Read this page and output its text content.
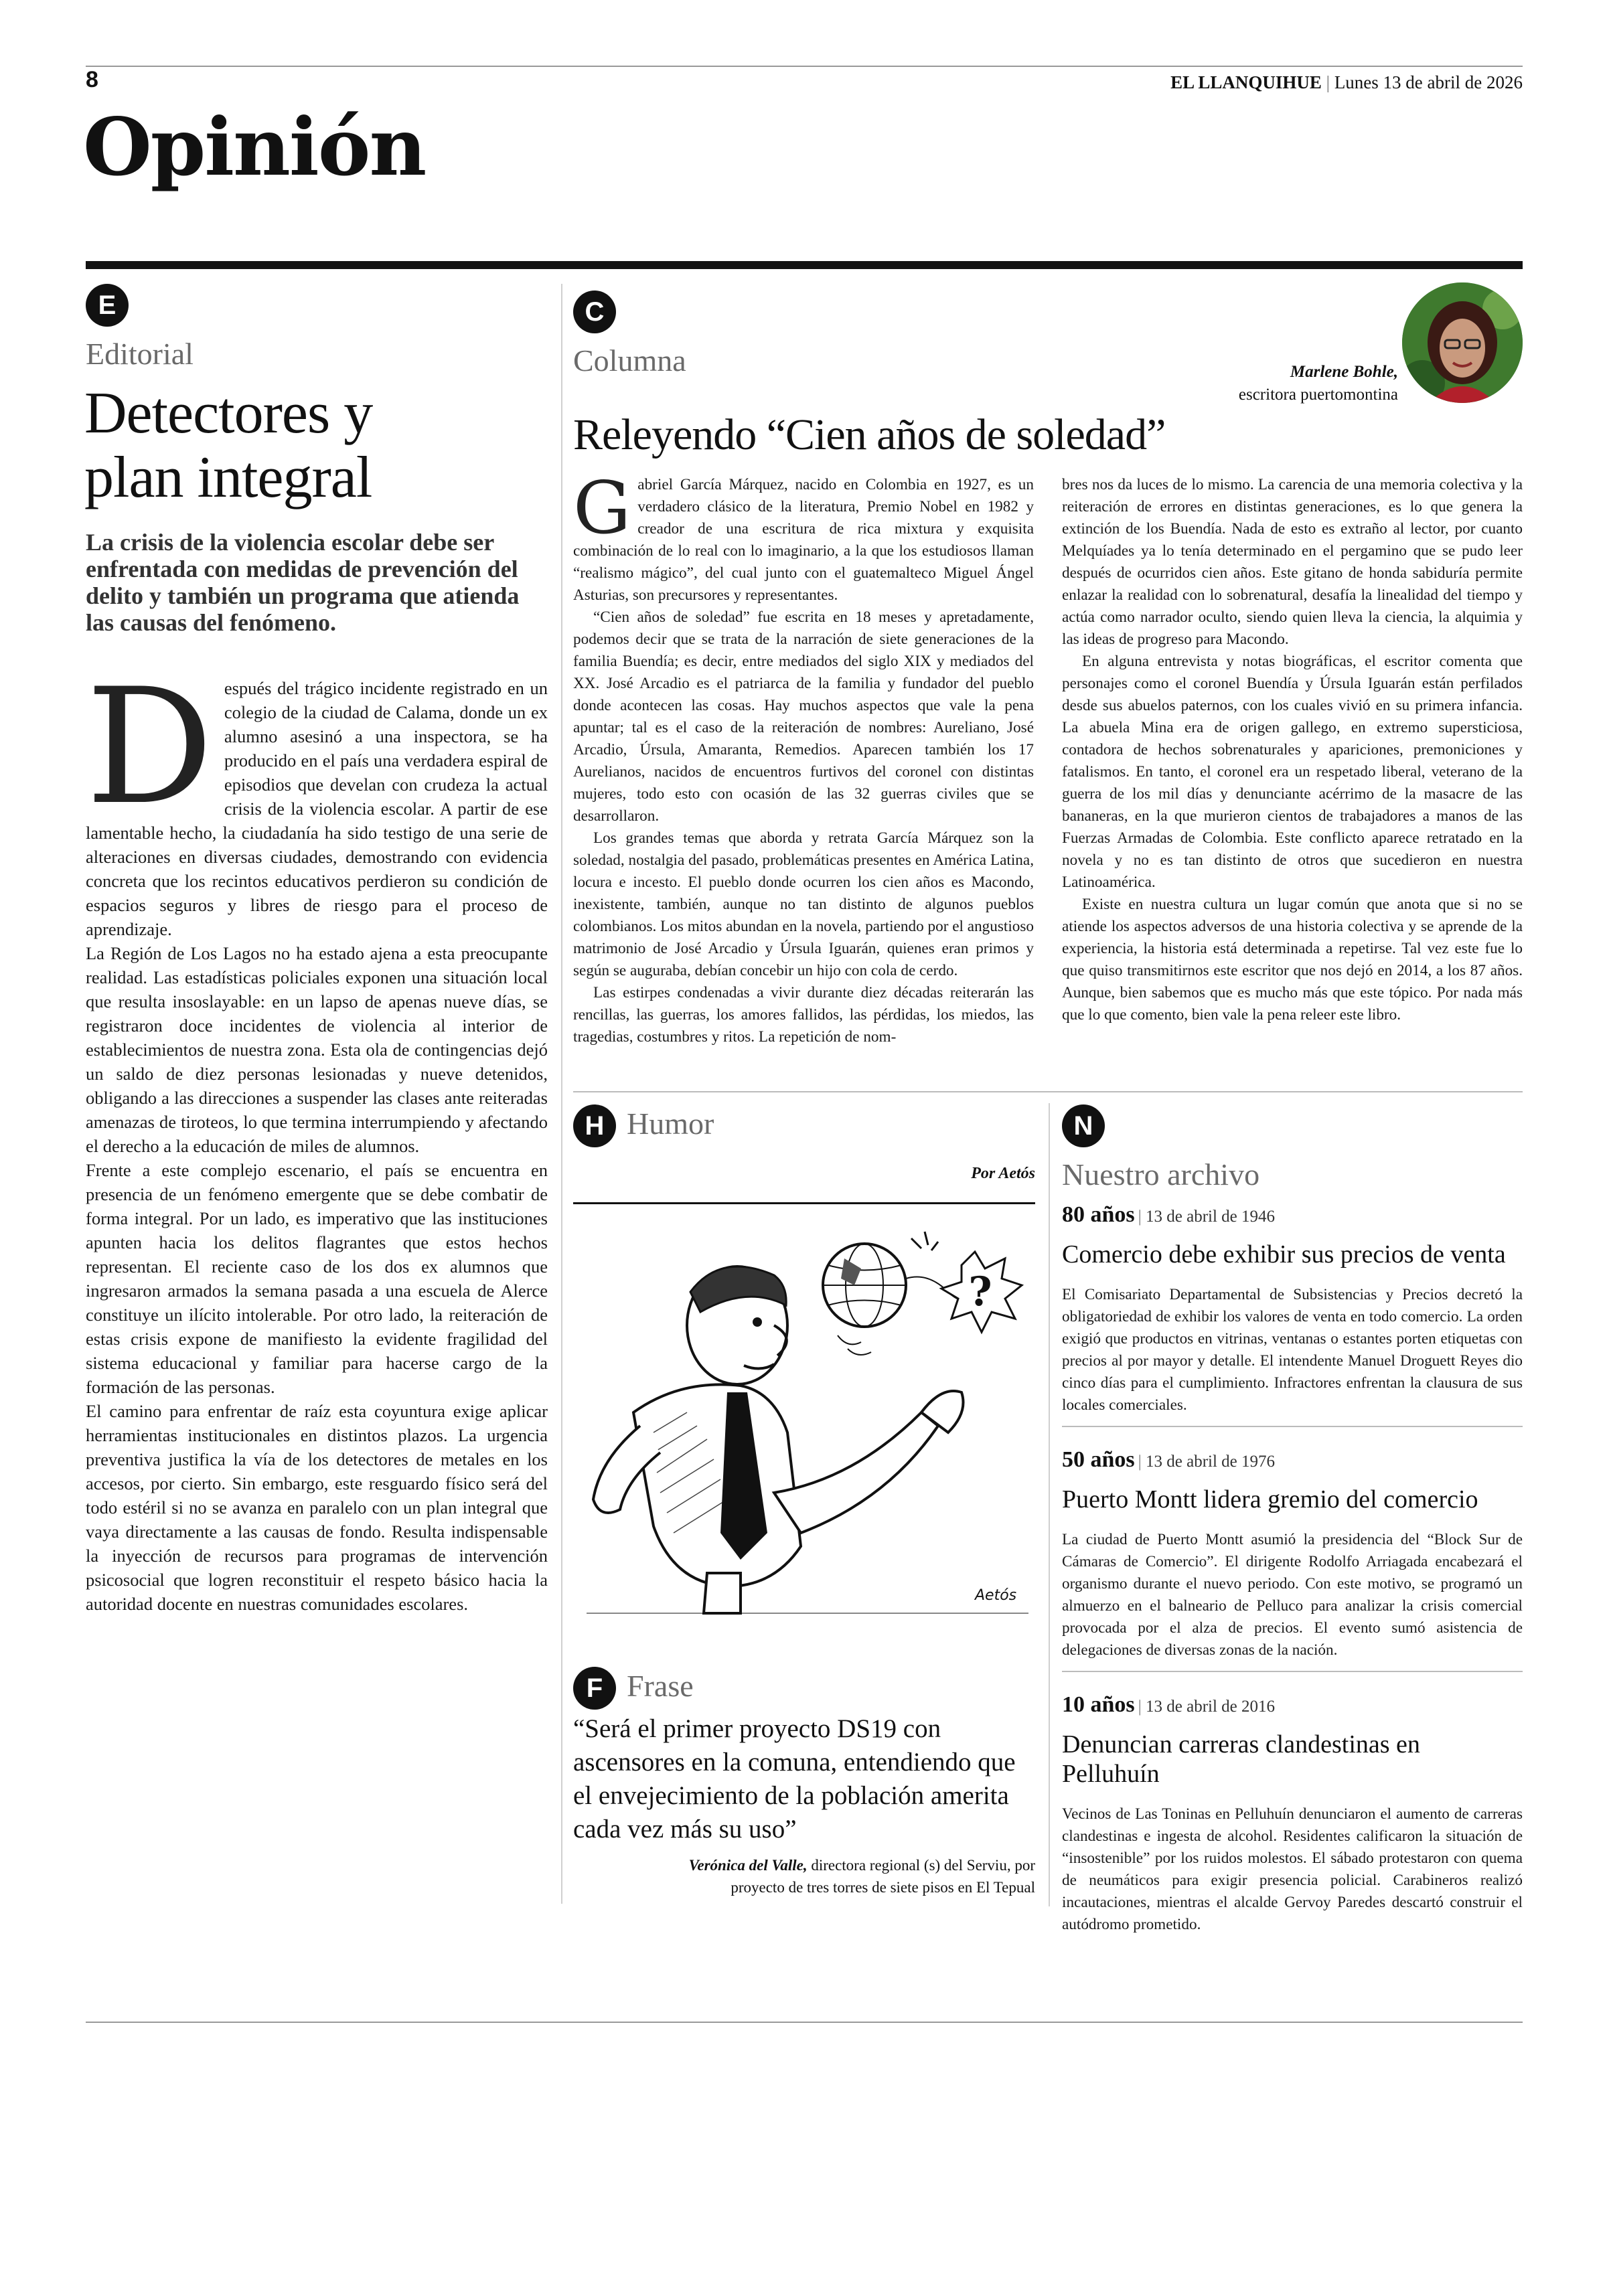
8	EL LLANQUIHUE | Lunes 13 de abril de 2026
Opinión
E
Editorial
Detectores y
plan integral
La crisis de la violencia escolar debe ser enfrentada con medidas de prevención del delito y también un programa que atienda las causas del fenómeno.

Después del trágico incidente registrado en un colegio de la ciudad de Calama, donde un ex alumno asesinó a una inspectora, se ha producido en el país una verdadera espiral de episodios que develan con crudeza la actual crisis de la violencia escolar. A partir de ese lamentable hecho, la ciudadanía ha sido testigo de una serie de alteraciones en diversas ciudades, demostrando con evidencia concreta que los recintos educativos perdieron su condición de espacios seguros y libres de riesgo para el proceso de aprendizaje.

La Región de Los Lagos no ha estado ajena a esta preocupante realidad. Las estadísticas policiales exponen una situación local que resulta insoslayable: en un lapso de apenas nueve días, se registraron doce incidentes de violencia al interior de establecimientos de nuestra zona. Esta ola de contingencias dejó un saldo de diez personas lesionadas y nueve detenidos, obligando a las direcciones a suspender las clases ante reiteradas amenazas de tiroteos, lo que termina interrumpiendo y afectando el derecho a la educación de miles de alumnos.

Frente a este complejo escenario, el país se encuentra en presencia de un fenómeno emergente que se debe combatir de forma integral. Por un lado, es imperativo que las instituciones apunten hacia los delitos flagrantes que estos hechos representan. El reciente caso de los dos ex alumnos que ingresaron armados la semana pasada a una escuela de Alerce constituye un ilícito intolerable. Por otro lado, la reiteración de estas crisis expone de manifiesto la evidente fragilidad del sistema educacional y familiar para hacerse cargo de la formación de las personas.

El camino para enfrentar de raíz esta coyuntura exige aplicar herramientas institucionales en distintos plazos. La urgencia preventiva justifica la vía de los detectores de metales en los accesos, por cierto. Sin embargo, este resguardo físico será del todo estéril si no se avanza en paralelo con un plan integral que vaya directamente a las causas de fondo. Resulta indispensable la inyección de recursos para programas de intervención psicosocial que logren reconstituir el respeto básico hacia la autoridad docente en nuestras comunidades escolares.

C
Columna	Marlene Bohle,
escritora puertomontina
Releyendo “Cien años de soledad”

Gabriel García Márquez, nacido en Colombia en 1927, es un verdadero clásico de la literatura, Premio Nobel en 1982 y creador de una escritura de rica mixtura y exquisita combinación de lo real con lo imaginario, a la que los estudiosos llaman “realismo mágico”, del cual junto con el guatemalteco Miguel Ángel Asturias, son precursores y representantes.

“Cien años de soledad” fue escrita en 18 meses y apretadamente, podemos decir que se trata de la narración de siete generaciones de la familia Buendía; es decir, entre mediados del siglo XIX y mediados del XX. José Arcadio es el patriarca de la familia y fundador del pueblo donde acontecen las cosas. Hay muchos aspectos que vale la pena apuntar; tal es el caso de la reiteración de nombres: Aureliano, José Arcadio, Úrsula, Amaranta, Remedios. Aparecen también los 17 Aurelianos, nacidos de encuentros furtivos del coronel con distintas mujeres, todo esto con ocasión de las 32 guerras civiles que se desarrollaron.

Los grandes temas que aborda y retrata García Márquez son la soledad, nostalgia del pasado, problemáticas presentes en América Latina, locura e incesto. El pueblo donde ocurren los cien años es Macondo, inexistente, también, aunque no tan distinto de algunos pueblos colombianos. Los mitos abundan en la novela, partiendo por el angustioso matrimonio de José Arcadio y Úrsula Iguarán, quienes eran primos y según se auguraba, debían concebir un hijo con cola de cerdo.

Las estirpes condenadas a vivir durante diez décadas reiterarán las rencillas, las guerras, los amores fallidos, las pérdidas, los miedos, las tragedias, costumbres y ritos. La repetición de nom-

bres nos da luces de lo mismo. La carencia de una memoria colectiva y la reiteración de errores en distintas generaciones, es lo que genera la extinción de los Buendía. Nada de esto es extraño al lector, por cuanto Melquíades ya lo tenía determinado en el pergamino que se pudo leer después de ocurridos cien años. Este gitano de honda sabiduría permite enlazar la realidad con lo sobrenatural, desafía la linealidad del tiempo y actúa como narrador oculto, siendo quien lleva la ciencia, la alquimia y las ideas de progreso para Macondo.

En alguna entrevista y notas biográficas, el escritor comenta que personajes como el coronel Buendía y Úrsula Iguarán están perfilados desde sus abuelos paternos, con los cuales vivió en su primera infancia. La abuela Mina era de origen gallego, en extremo supersticiosa, contadora de hechos sobrenaturales y apariciones, premoniciones y fatalismos. En tanto, el coronel era un respetado liberal, veterano de la guerra de los mil días y denunciante acérrimo de la masacre de las bananeras, en la que murieron cientos de trabajadores a manos de las Fuerzas Armadas de Colombia. Este conflicto aparece retratado en la novela y no es tan distinto de otros que sucedieron en nuestra Latinoamérica.

Existe en nuestra cultura un lugar común que anota que si no se atiende los aspectos adversos de una historia colectiva y se aprende de la experiencia, la historia está determinada a repetirse. Tal vez este fue lo que quiso transmitirnos este escritor que nos dejó en 2014, a los 87 años. Aunque, bien sabemos que es mucho más que este tópico. Por nada más que lo que comento, bien vale la pena releer este libro.

H Humor
Por Aetós
?
Aetós
F Frase
“Será el primer proyecto DS19 con ascensores en la comuna, entendiendo que el envejecimiento de la población amerita cada vez más su uso”
Verónica del Valle, directora regional (s) del Serviu, por
proyecto de tres torres de siete pisos en El Tepual
N
Nuestro archivo
80 años | 13 de abril de 1946
Comercio debe exhibir sus precios de venta
El Comisariato Departamental de Subsistencias y Precios decretó la obligatoriedad de exhibir los valores de venta en todo comercio. La orden exigió que productos en vitrinas, ventanas o estantes porten etiquetas con precios al por mayor y detalle. El intendente Manuel Droguett Reyes dio cinco días para el cumplimiento. Infractores enfrentan la clausura de sus locales comerciales.
50 años | 13 de abril de 1976
Puerto Montt lidera gremio del comercio
La ciudad de Puerto Montt asumió la presidencia del “Block Sur de Cámaras de Comercio”. El dirigente Rodolfo Arriagada encabezará el organismo durante el nuevo periodo. Con este motivo, se programó un almuerzo en el balneario de Pelluco para analizar la crisis comercial provocada por el alza de precios. El evento sumó asistencia de delegaciones de diversas zonas de la nación.
10 años | 13 de abril de 2016
Denuncian carreras clandestinas en Pelluhuín
Vecinos de Las Toninas en Pelluhuín denunciaron el aumento de carreras clandestinas e ingesta de alcohol. Residentes calificaron la situación de “insostenible” por los ruidos molestos. El sábado protestaron con quema de neumáticos para exigir presencia policial. Carabineros realizó incautaciones, mientras el alcalde Gervoy Paredes descartó construir el autódromo prometido.
